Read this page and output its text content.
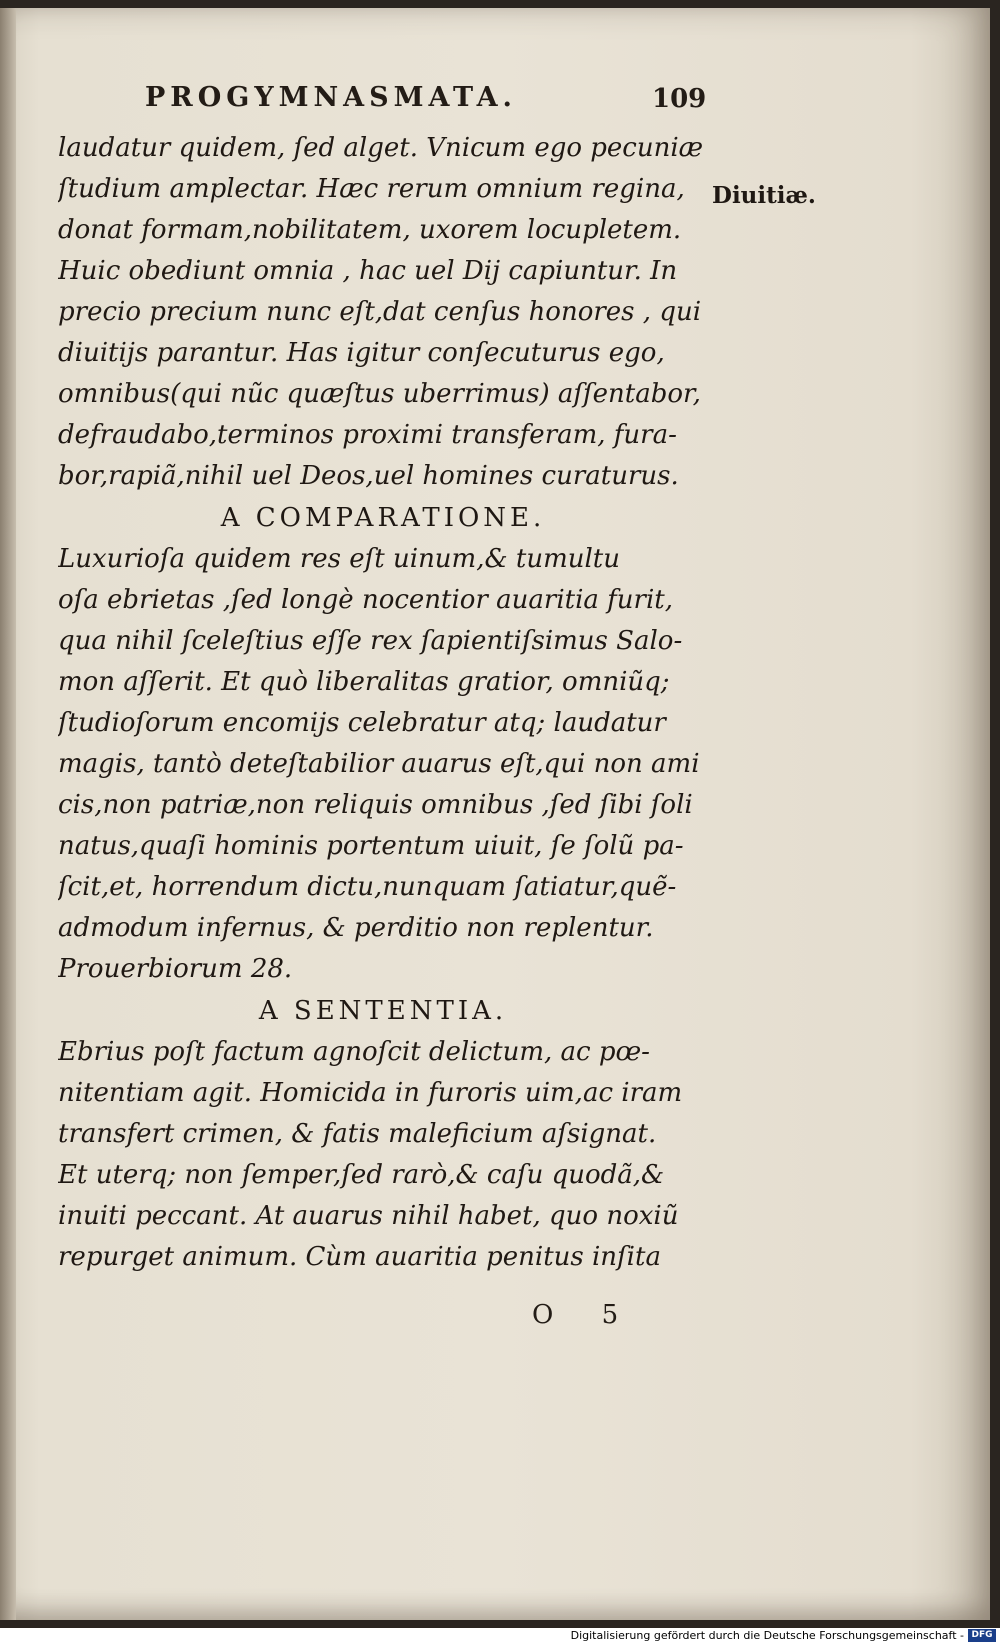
PROGYMNASMATA.	109
Diuitiæ.
laudatur quidem, ſed alget. Vnicum ego pecuniæ
ſtudium amplectar. Hæc rerum omnium regina,
donat formam,nobilitatem, uxorem locupletem.
Huic obediunt omnia , hac uel Dij capiuntur. In
precio precium nunc eſt,dat cenſus honores , qui
diuitijs parantur. Has igitur conſecuturus ego,
omnibus(qui nũc quæſtus uberrimus) aſſentabor,
defraudabo,terminos proximi transferam, fura-
bor,rapiã,nihil uel Deos,uel homines curaturus.
A COMPARATIONE.
Luxurioſa quidem res eſt uinum,& tumultu
oſa ebrietas ,ſed longè nocentior auaritia furit,
qua nihil ſceleſtius eſſe rex ſapientiſsimus Salo-
mon aſſerit. Et quò liberalitas gratior, omniũq;
ſtudioſorum encomijs celebratur atq; laudatur
magis, tantò deteſtabilior auarus eſt,qui non ami
cis,non patriæ,non reliquis omnibus ,ſed ſibi ſoli
natus,quaſi hominis portentum uiuit, ſe ſolũ pa-
ſcit,et, horrendum dictu,nunquam ſatiatur,quẽ-
admodum infernus, & perditio non replentur.
Prouerbiorum 28.
A SENTENTIA.
Ebrius poſt factum agnoſcit delictum, ac pœ-
nitentiam agit. Homicida in furoris uim,ac iram
transfert crimen, & fatis maleficium aſsignat.
Et uterq; non ſemper,ſed rarò,& caſu quodã,&
inuiti peccant. At auarus nihil habet, quo noxiũ
repurget animum. Cùm auaritia penitus inſita
O 5
Digitalisierung gefördert durch die Deutsche Forschungsgemeinschaft - DFG
